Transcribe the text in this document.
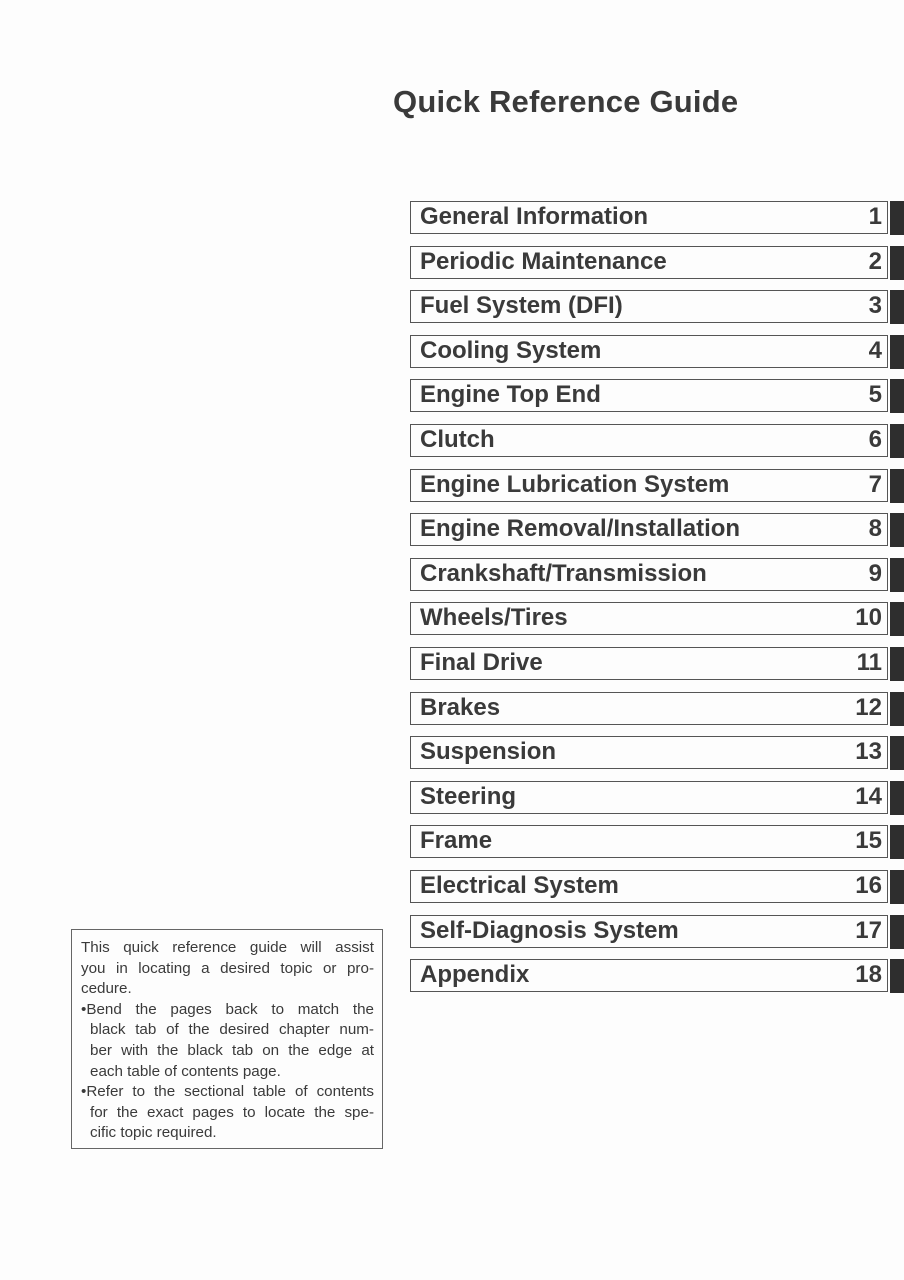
Quick Reference Guide
General Information	1
Periodic Maintenance	2
Fuel System (DFI)	3
Cooling System	4
Engine Top End	5
Clutch	6
Engine Lubrication System	7
Engine Removal/Installation	8
Crankshaft/Transmission	9
Wheels/Tires	10
Final Drive	11
Brakes	12
Suspension	13
Steering	14
Frame	15
Electrical System	16
Self-Diagnosis System	17
Appendix	18
This quick reference guide will assist
you in locating a desired topic or pro-
cedure.
•Bend the pages back to match the
black tab of the desired chapter num-
ber with the black tab on the edge at
each table of contents page.
•Refer to the sectional table of contents
for the exact pages to locate the spe-
cific topic required.
